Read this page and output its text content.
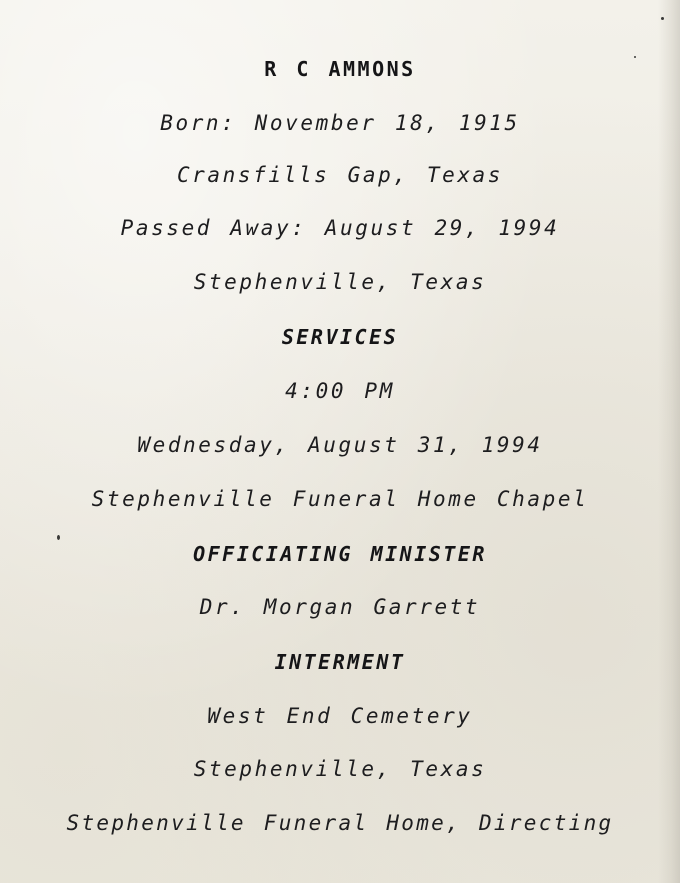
R C AMMONS
Born: November 18, 1915
Cransfills Gap, Texas
Passed Away: August 29, 1994
Stephenville, Texas
SERVICES
4:00 PM
Wednesday, August 31, 1994
Stephenville Funeral Home Chapel
OFFICIATING MINISTER
Dr. Morgan Garrett
INTERMENT
West End Cemetery
Stephenville, Texas
Stephenville Funeral Home, Directing
